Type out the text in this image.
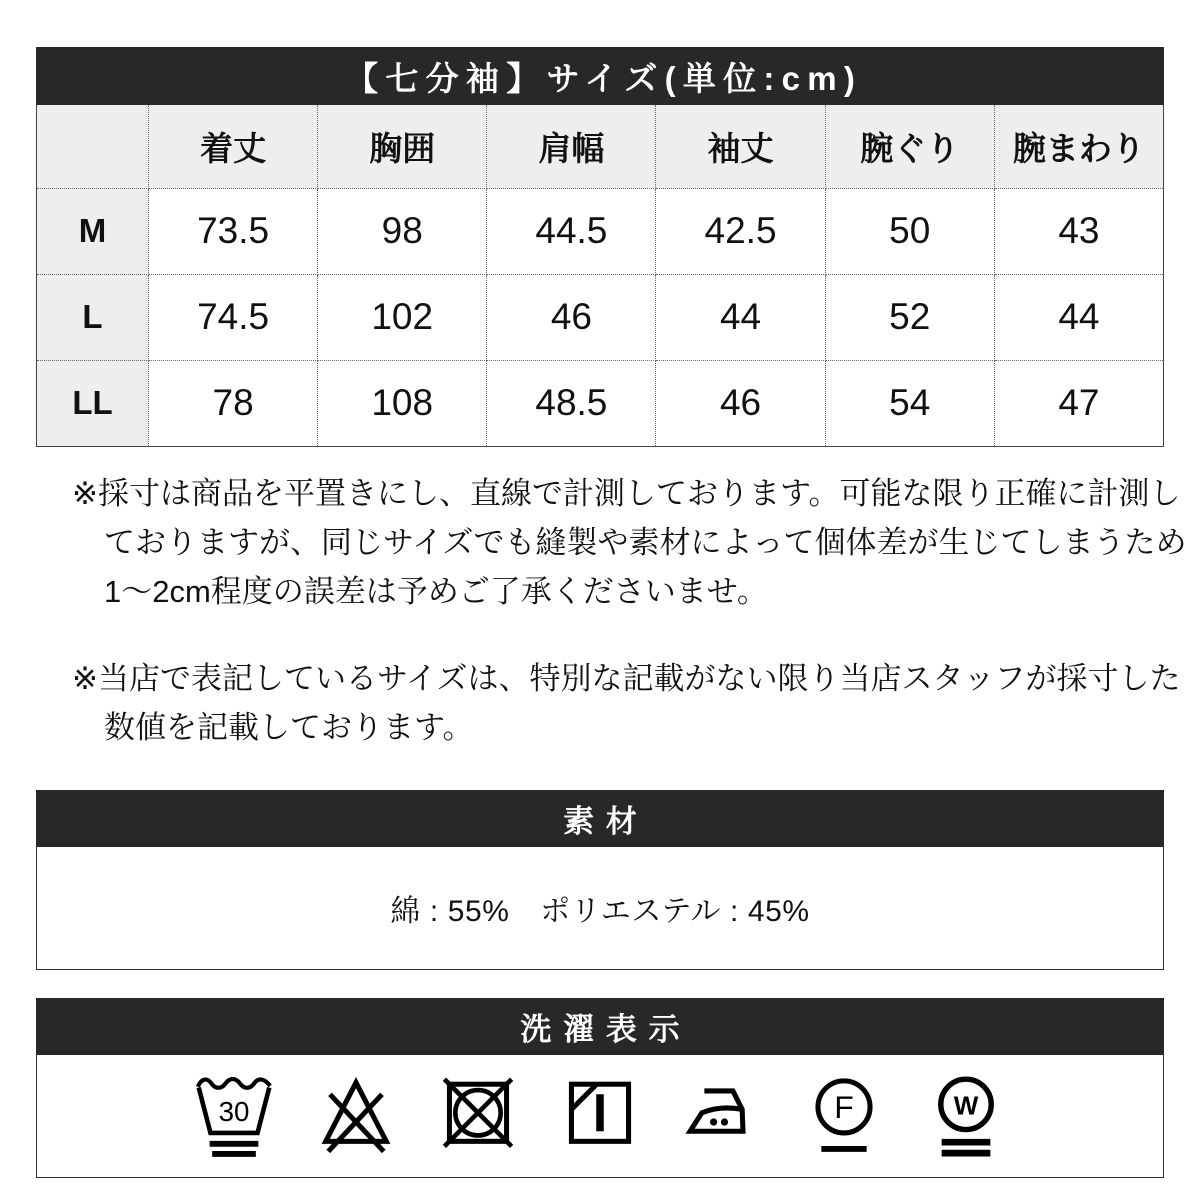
【七分袖】サイズ(単位:cm)
	着丈	胸囲	肩幅	袖丈	腕ぐり	腕まわり
M	73.5	98	44.5	42.5	50	43
L	74.5	102	46	44	52	44
LL	78	108	48.5	46	54	47
※採寸は商品を平置きにし、直線で計測しております。可能な限り正確に計測し
ておりますが、同じサイズでも縫製や素材によって個体差が生じてしまうため
1〜2cm程度の誤差は予めご了承くださいませ。
※当店で表記しているサイズは、特別な記載がない限り当店スタッフが採寸した
数値を記載しております。
素材
綿 : 55%　ポリエステル : 45%
洗濯表示
30	F	W
